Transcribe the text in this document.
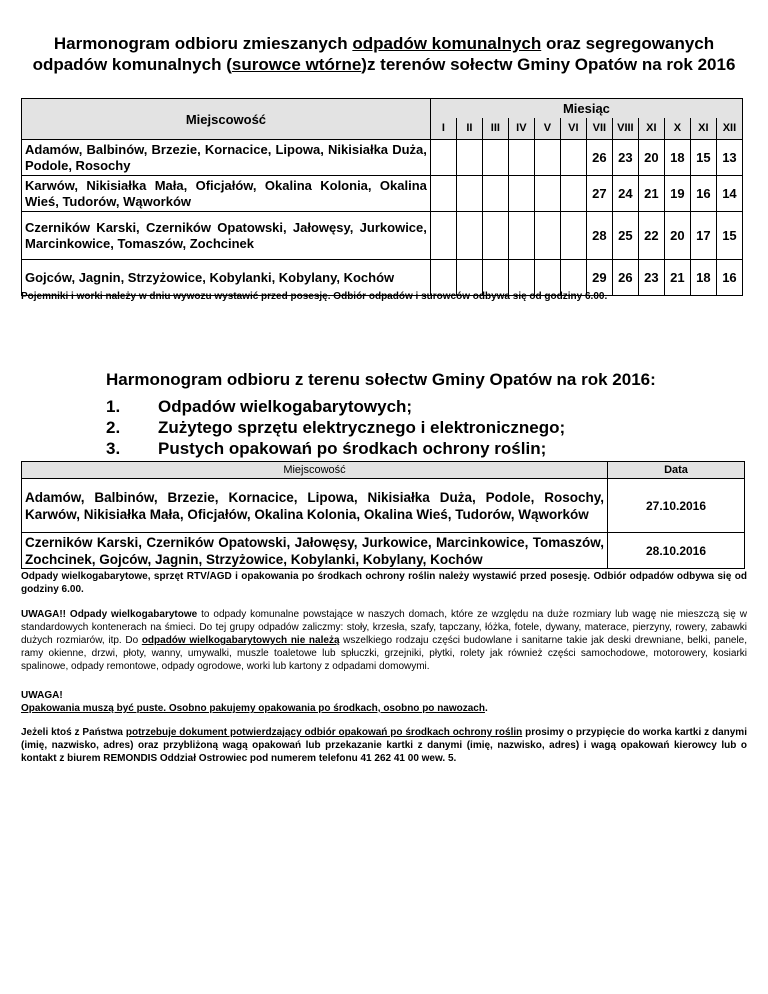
Harmonogram odbioru zmieszanych odpadów komunalnych oraz segregowanych odpadów komunalnych (surowce wtórne)z terenów sołectw Gminy Opatów na rok 2016
Miejscowość	Miesiąc											
	I	II	III	IV	V	VI	VII	VIII	XI	X	XI	XII
Adamów, Balbinów, Brzezie, Kornacice, Lipowa, Nikisiałka Duża, Podole, Rosochy							26	23	20	18	15	13
Karwów, Nikisiałka Mała, Oficjałów, Okalina Kolonia, Okalina Wieś, Tudorów, Wąworków							27	24	21	19	16	14
Czerników Karski, Czerników Opatowski, Jałowęsy, Jurkowice, Marcinkowice, Tomaszów, Zochcinek							28	25	22	20	17	15
Gojców, Jagnin, Strzyżowice, Kobylanki, Kobylany, Kochów							29	26	23	21	18	16
Pojemniki i worki należy w dniu wywozu wystawić przed posesję. Odbiór odpadów i surowców odbywa się od godziny 6.00.
Harmonogram odbioru z terenu sołectw Gminy Opatów na rok 2016:
1.	Odpadów wielkogabarytowych;
2.	Zużytego sprzętu elektrycznego i elektronicznego;
3.	Pustych opakowań po środkach ochrony roślin;
Miejscowość	Data
Adamów, Balbinów, Brzezie, Kornacice, Lipowa, Nikisiałka Duża, Podole, Rosochy, Karwów, Nikisiałka Mała, Oficjałów, Okalina Kolonia, Okalina Wieś, Tudorów, Wąworków	27.10.2016
Czerników Karski, Czerników Opatowski, Jałowęsy, Jurkowice, Marcinkowice, Tomaszów, Zochcinek, Gojców, Jagnin, Strzyżowice, Kobylanki, Kobylany, Kochów	28.10.2016
Odpady wielkogabarytowe, sprzęt RTV/AGD i opakowania po środkach ochrony roślin należy wystawić przed posesję. Odbiór odpadów odbywa się od godziny 6.00.
UWAGA!! Odpady wielkogabarytowe to odpady komunalne powstające w naszych domach, które ze względu na duże rozmiary lub wagę nie mieszczą się w standardowych kontenerach na śmieci. Do tej grupy odpadów zaliczmy: stoły, krzesła, szafy, tapczany, łóżka, fotele, dywany, materace, pierzyny, rowery, zabawki dużych rozmiarów, itp. Do odpadów wielkogabarytowych nie należą wszelkiego rodzaju części budowlane i sanitarne takie jak deski drewniane, belki, panele, ramy okienne, drzwi, płoty, wanny, umywalki, muszle toaletowe lub spłuczki, grzejniki, płytki, rolety jak również części samochodowe, motorowery, kosiarki spalinowe, odpady remontowe, odpady ogrodowe, worki lub kartony z odpadami domowymi.
UWAGA!
Opakowania muszą być puste. Osobno pakujemy opakowania po środkach, osobno po nawozach.
Jeżeli ktoś z Państwa potrzebuje dokument potwierdzający odbiór opakowań po środkach ochrony roślin prosimy o przypięcie do worka kartki z danymi (imię, nazwisko, adres) oraz przybliżoną wagą opakowań lub przekazanie kartki z danymi (imię, nazwisko, adres) i wagą opakowań kierowcy lub o kontakt z biurem REMONDIS Oddział Ostrowiec pod numerem telefonu 41 262 41 00 wew. 5.
